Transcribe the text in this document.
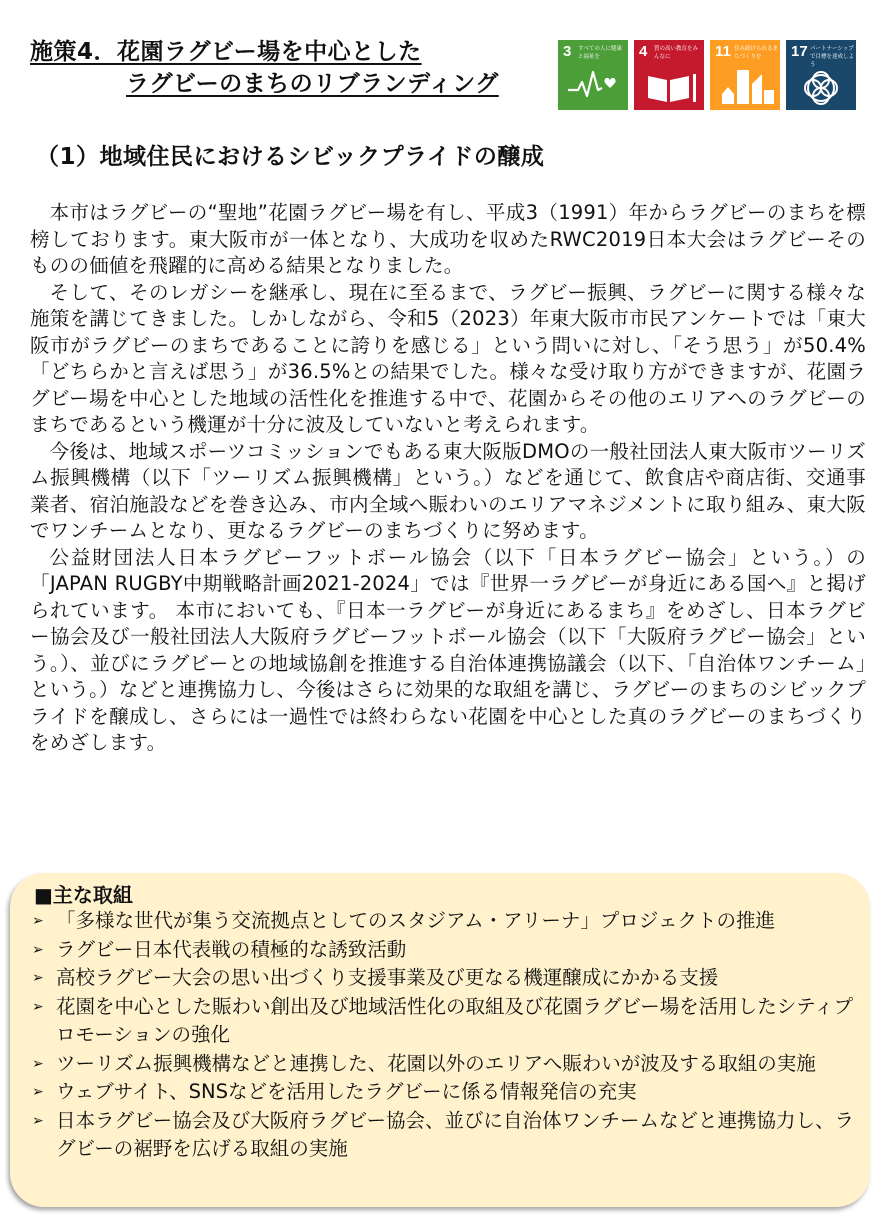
施策4．花園ラグビー場を中心とした
ラグビーのまちのリブランディング
3 すべての人に健康と福祉を	4 質の高い教育をみんなに	11 住み続けられるまちづくりを	17 パートナーシップで目標を達成しよう
（1）地域住民におけるシビックプライドの醸成

本市はラグビーの“聖地”花園ラグビー場を有し、平成3（1991）年からラグビーのまちを標榜しております。東大阪市が一体となり、大成功を収めたRWC2019日本大会はラグビーそのものの価値を飛躍的に高める結果となりました。

そして、そのレガシーを継承し、現在に至るまで、ラグビー振興、ラグビーに関する様々な施策を講じてきました。しかしながら、令和5（2023）年東大阪市市民アンケートでは「東大阪市がラグビーのまちであることに誇りを感じる」という問いに対し、「そう思う」が50.4%「どちらかと言えば思う」が36.5%との結果でした。様々な受け取り方ができますが、花園ラグビー場を中心とした地域の活性化を推進する中で、花園からその他のエリアへのラグビーのまちであるという機運が十分に波及していないと考えられます。

今後は、地域スポーツコミッションでもある東大阪版DMOの一般社団法人東大阪市ツーリズム振興機構（以下「ツーリズム振興機構」という。）などを通じて、飲食店や商店街、交通事業者、宿泊施設などを巻き込み、市内全域へ賑わいのエリアマネジメントに取り組み、東大阪でワンチームとなり、更なるラグビーのまちづくりに努めます。

公益財団法人日本ラグビーフットボール協会（以下「日本ラグビー協会」という。）の「JAPAN RUGBY中期戦略計画2021-2024」では『世界一ラグビーが身近にある国へ』と掲げられています。 本市においても、『日本一ラグビーが身近にあるまち』をめざし、日本ラグビー協会及び一般社団法人大阪府ラグビーフットボール協会（以下「大阪府ラグビー協会」という。）、並びにラグビーとの地域協創を推進する自治体連携協議会（以下、「自治体ワンチーム」という。）などと連携協力し、今後はさらに効果的な取組を講じ、ラグビーのまちのシビックプライドを醸成し、さらには一過性では終わらない花園を中心とした真のラグビーのまちづくりをめざします。

■主な取組
➢ 「多様な世代が集う交流拠点としてのスタジアム・アリーナ」プロジェクトの推進
➢ ラグビー日本代表戦の積極的な誘致活動
➢ 高校ラグビー大会の思い出づくり支援事業及び更なる機運醸成にかかる支援
➢ 花園を中心とした賑わい創出及び地域活性化の取組及び花園ラグビー場を活用したシティプロモーションの強化
➢ ツーリズム振興機構などと連携した、花園以外のエリアへ賑わいが波及する取組の実施
➢ ウェブサイト、SNSなどを活用したラグビーに係る情報発信の充実
➢ 日本ラグビー協会及び大阪府ラグビー協会、並びに自治体ワンチームなどと連携協力し、ラグビーの裾野を広げる取組の実施
